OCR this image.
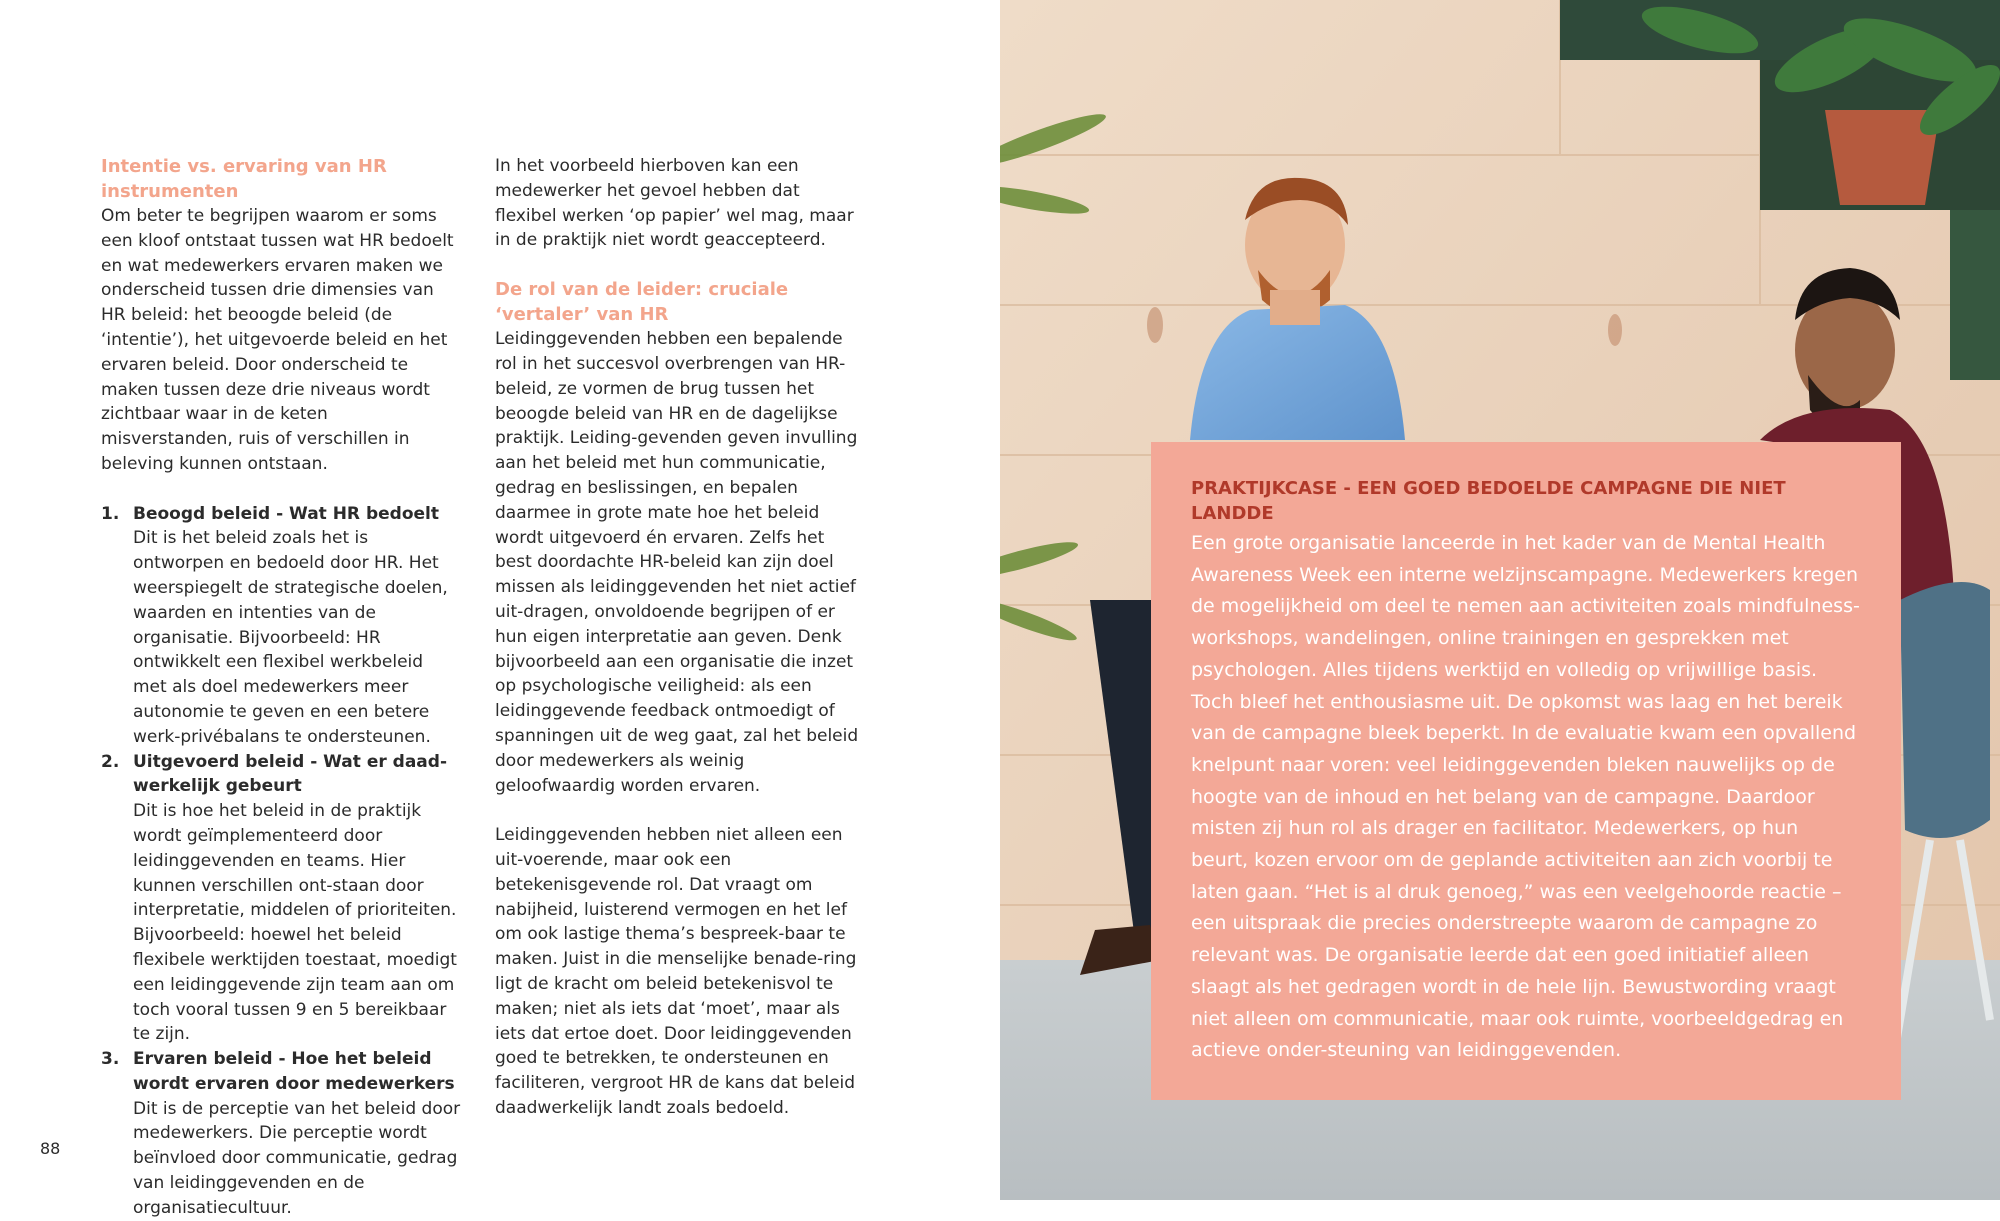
Intentie vs. ervaring van HR instrumenten

Om beter te begrijpen waarom er soms een kloof ontstaat tussen wat HR bedoelt en wat medewerkers ervaren maken we onderscheid tussen drie dimensies van HR beleid: het beoogde beleid (de ‘intentie’), het uitgevoerde beleid en het ervaren beleid. Door onderscheid te maken tussen deze drie niveaus wordt zichtbaar waar in de keten misverstanden, ruis of verschillen in beleving kunnen ontstaan.

1. Beoogd beleid - Wat HR bedoelt
Dit is het beleid zoals het is ontworpen en bedoeld door HR. Het weerspiegelt de strategische doelen, waarden en intenties van de organisatie. Bijvoorbeeld: HR ontwikkelt een flexibel werkbeleid met als doel medewerkers meer autonomie te geven en een betere werk-privébalans te ondersteunen.
2. Uitgevoerd beleid - Wat er daad-werkelijk gebeurt
Dit is hoe het beleid in de praktijk wordt geïmplementeerd door leidinggevenden en teams. Hier kunnen verschillen ont-staan door interpretatie, middelen of prioriteiten. Bijvoorbeeld: hoewel het beleid flexibele werktijden toestaat, moedigt een leidinggevende zijn team aan om toch vooral tussen 9 en 5 bereikbaar te zijn.
3. Ervaren beleid - Hoe het beleid wordt ervaren door medewerkers
Dit is de perceptie van het beleid door medewerkers. Die perceptie wordt beïnvloed door communicatie, gedrag van leidinggevenden en de organisatiecultuur.

In het voorbeeld hierboven kan een medewerker het gevoel hebben dat flexibel werken ‘op papier’ wel mag, maar in de praktijk niet wordt geaccepteerd.

De rol van de leider: cruciale ‘vertaler’ van HR

Leidinggevenden hebben een bepalende rol in het succesvol overbrengen van HR-beleid, ze vormen de brug tussen het beoogde beleid van HR en de dagelijkse praktijk. Leiding-gevenden geven invulling aan het beleid met hun communicatie, gedrag en beslissingen, en bepalen daarmee in grote mate hoe het beleid wordt uitgevoerd én ervaren. Zelfs het best doordachte HR-beleid kan zijn doel missen als leidinggevenden het niet actief uit-dragen, onvoldoende begrijpen of er hun eigen interpretatie aan geven. Denk bijvoorbeeld aan een organisatie die inzet op psychologische veiligheid: als een leidinggevende feedback ontmoedigt of spanningen uit de weg gaat, zal het beleid door medewerkers als weinig geloofwaardig worden ervaren.

Leidinggevenden hebben niet alleen een uit-voerende, maar ook een betekenisgevende rol. Dat vraagt om nabijheid, luisterend vermogen en het lef om ook lastige thema’s bespreek-baar te maken. Juist in die menselijke benade-ring ligt de kracht om beleid betekenisvol te maken; niet als iets dat ‘moet’, maar als iets dat ertoe doet. Door leidinggevenden goed te betrekken, te ondersteunen en faciliteren, vergroot HR de kans dat beleid daadwerkelijk landt zoals bedoeld.

88

PRAKTIJKCASE - EEN GOED BEDOELDE CAMPAGNE DIE NIET LANDDE

Een grote organisatie lanceerde in het kader van de Mental Health Awareness Week een interne welzijnscampagne. Medewerkers kregen de mogelijkheid om deel te nemen aan activiteiten zoals mindfulness-workshops, wandelingen, online trainingen en gesprekken met psychologen. Alles tijdens werktijd en volledig op vrijwillige basis. Toch bleef het enthousiasme uit. De opkomst was laag en het bereik van de campagne bleek beperkt. In de evaluatie kwam een opvallend knelpunt naar voren: veel leidinggevenden bleken nauwelijks op de hoogte van de inhoud en het belang van de campagne. Daardoor misten zij hun rol als drager en facilitator. Medewerkers, op hun beurt, kozen ervoor om de geplande activiteiten aan zich voorbij te laten gaan. “Het is al druk genoeg,” was een veelgehoorde reactie – een uitspraak die precies onderstreepte waarom de campagne zo relevant was. De organisatie leerde dat een goed initiatief alleen slaagt als het gedragen wordt in de hele lijn. Bewustwording vraagt niet alleen om communicatie, maar ook ruimte, voorbeeldgedrag en actieve onder-steuning van leidinggevenden.
